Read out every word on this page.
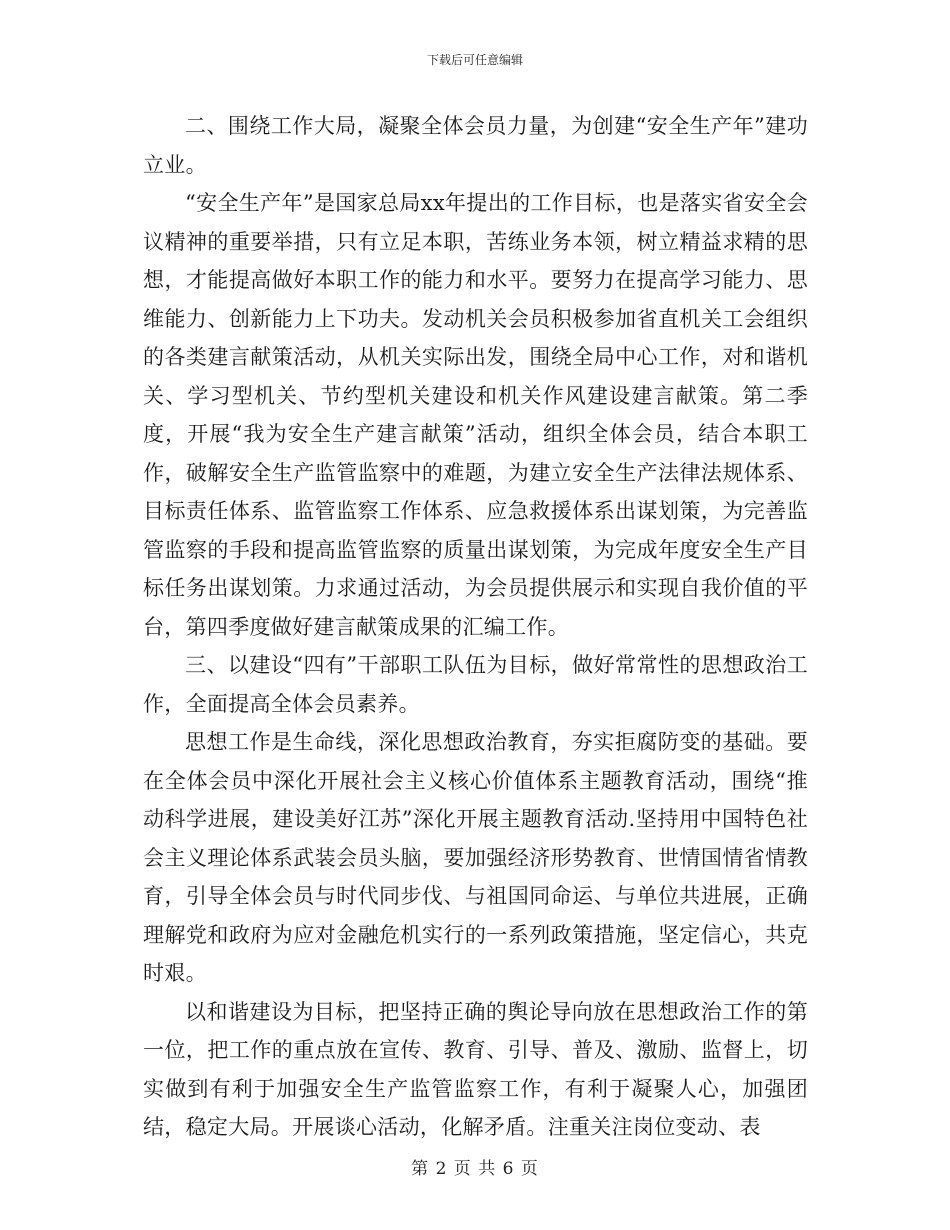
下载后可任意编辑

二、围绕工作大局，凝聚全体会员力量，为创建“安全生产年”建功立业。

“安全生产年”是国家总局xx年提出的工作目标，也是落实省安全会议精神的重要举措，只有立足本职，苦练业务本领，树立精益求精的思想，才能提高做好本职工作的能力和水平。要努力在提高学习能力、思维能力、创新能力上下功夫。发动机关会员积极参加省直机关工会组织的各类建言献策活动，从机关实际出发，围绕全局中心工作，对和谐机关、学习型机关、节约型机关建设和机关作风建设建言献策。第二季度，开展“我为安全生产建言献策”活动，组织全体会员，结合本职工作，破解安全生产监管监察中的难题，为建立安全生产法律法规体系、目标责任体系、监管监察工作体系、应急救援体系出谋划策，为完善监管监察的手段和提高监管监察的质量出谋划策，为完成年度安全生产目标任务出谋划策。力求通过活动，为会员提供展示和实现自我价值的平台，第四季度做好建言献策成果的汇编工作。

三、以建设“四有”干部职工队伍为目标，做好常常性的思想政治工作，全面提高全体会员素养。

思想工作是生命线，深化思想政治教育，夯实拒腐防变的基础。要在全体会员中深化开展社会主义核心价值体系主题教育活动，围绕“推动科学进展，建设美好江苏”深化开展主题教育活动.坚持用中国特色社会主义理论体系武装会员头脑，要加强经济形势教育、世情国情省情教育，引导全体会员与时代同步伐、与祖国同命运、与单位共进展，正确理解党和政府为应对金融危机实行的一系列政策措施，坚定信心，共克时艰。

以和谐建设为目标，把坚持正确的舆论导向放在思想政治工作的第一位，把工作的重点放在宣传、教育、引导、普及、激励、监督上，切实做到有利于加强安全生产监管监察工作，有利于凝聚人心，加强团结，稳定大局。开展谈心活动，化解矛盾。注重关注岗位变动、表

第 2 页 共 6 页
